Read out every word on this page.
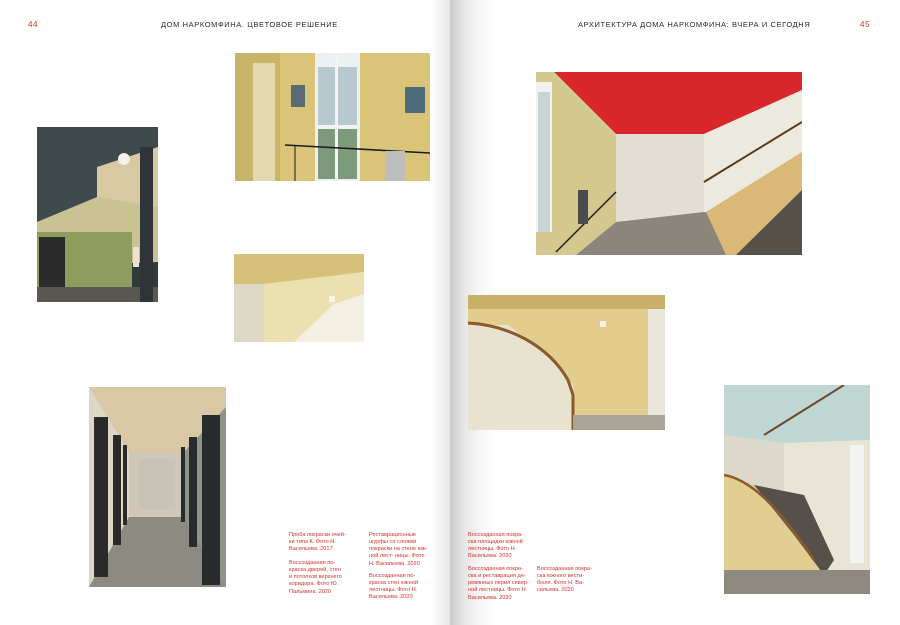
44	ДОМ НАРКОМФИНА. ЦВЕТОВОЕ РЕШЕНИЕ
Проба покраски ячей-
ки типа К. Фото Н.
Васильева. 2017
Воссозданная по-
краска дверей, стен
и потолков верхнего
коридора. Фото Ю.
Пальмина. 2020
Реставрационные
шурфы со слоями
покраски на стене юж-
ной лест- ницы. Фото
Н. Васильева. 2020
Воссозданная по-
краска стен южной
лестницы. Фото Н.
Васильева. 2020
АРХИТЕКТУРА ДОМА НАРКОМФИНА: ВЧЕРА И СЕГОДНЯ	45
Воссозданная покра-
ска площадки южной
лестницы. Фото Н.
Васильева. 2020
Воссозданная покра-
ска и реставрация де-
ревянных перил север-
ной лестницы. Фото Н.
Васильева. 2020
Воссозданная покра-
ска южного вести-
бюля. Фото Н. Ва-
сильева. 2020
